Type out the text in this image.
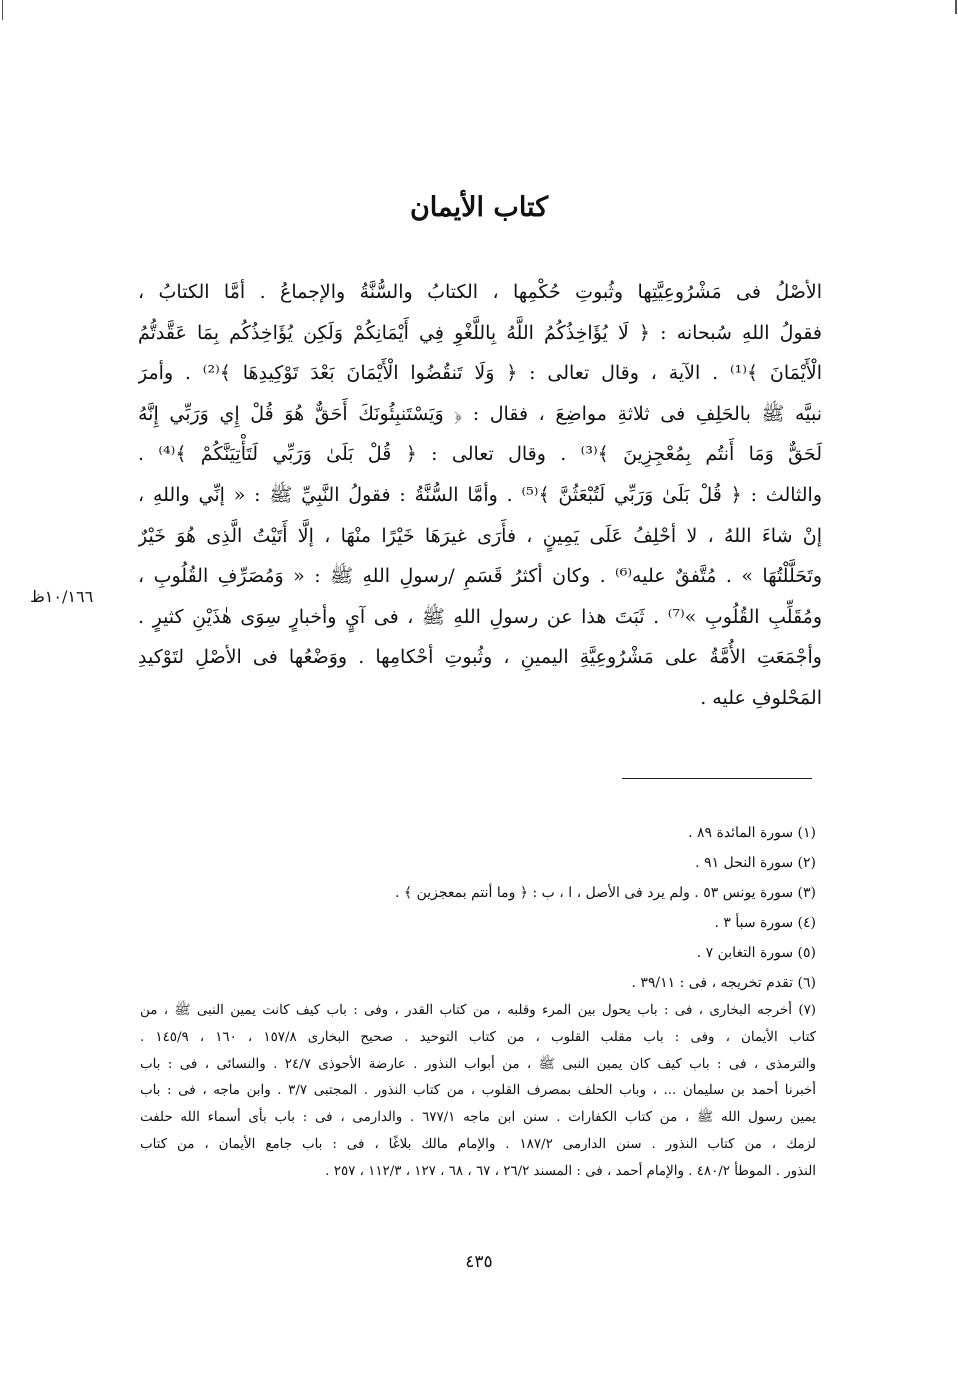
كتاب الأيمان
الأصْلُ فى مَشْرُوعِيَّتِها وثُبوتِ حُكْمِها ، الكتابُ والسُّنَّةُ والإجماعُ . أمَّا الكتابُ ،
فقولُ اللهِ سُبحانه : ﴿ لَا يُؤَاخِذُكُمُ اللَّهُ بِاللَّغْوِ فِي أَيْمَانِكُمْ وَلَكِن يُؤَاخِذُكُم بِمَا عَقَّدتُّمُ
الْأَيْمَانَ ﴾⁽¹⁾ . الآية ، وقال تعالى : ﴿ وَلَا تَنقُضُوا الْأَيْمَانَ بَعْدَ تَوْكِيدِهَا ﴾⁽²⁾ . وأمرَ
نبيَّه ﷺ بالحَلِفِ فى ثلاثةِ مواضِعَ ، فقال : ﴿ وَيَسْتَنبِئُونَكَ أَحَقٌّ هُوَ قُلْ إِي وَرَبِّي إِنَّهُ
لَحَقٌّ وَمَا أَنتُم بِمُعْجِزِينَ ﴾⁽³⁾ . وقال تعالى : ﴿ قُلْ بَلَىٰ وَرَبِّي لَتَأْتِيَنَّكُمْ ﴾⁽⁴⁾ .
والثالث : ﴿ قُلْ بَلَىٰ وَرَبِّي لَتُبْعَثُنَّ ﴾⁽⁵⁾ . وأمَّا السُّنَّةُ : فقولُ النَّبِيِّ ﷺ : « إنِّي واللهِ ،
إنْ شاءَ اللهُ ، لا أحْلِفُ عَلَى يَمِينٍ ، فأَرَى غيرَهَا خَيْرًا منْهَا ، إلَّا أَتَيْتُ الَّذِى هُوَ خَيْرٌ
وتَحَلَّلْتُهَا » . مُتَّفقٌ عليه⁽⁶⁾ . وكان أكثرُ قَسَمِ /رسولِ اللهِ ﷺ : « وَمُصَرِّفِ القُلُوبِ ،
ومُقَلِّبِ القُلُوبِ »⁽⁷⁾ . ثَبَتَ هذا عن رسولِ اللهِ ﷺ ، فى آيٍ وأخبارٍ سِوَى هٰذَيْنِ كثيرٍ .
وأجْمَعَتِ الأُمَّةُ على مَشْرُوعِيَّةِ اليمينِ ، وثُبوتِ أحْكامِها . ووَضْعُها فى الأصْلِ لتَوْكيدِ
المَحْلوفِ عليه .
١٠/١٦٦ظ
(١) سورة المائدة ٨٩ .
(٢) سورة النحل ٩١ .
(٣) سورة يونس ٥٣ . ولم يرد فى الأصل ، ا ، ب : ﴿ وما أنتم بمعجزين ﴾ .
(٤) سورة سبأ ٣ .
(٥) سورة التغابن ٧ .
(٦) تقدم تخريجه ، فى : ٣٩/١١ .
(٧) أخرجه البخارى ، فى : باب يحول بين المرء وقلبه ، من كتاب القدر ، وفى : باب كيف كانت يمين النبى ﷺ ، من
كتاب الأيمان ، وفى : باب مقلب القلوب ، من كتاب التوحيد . صحيح البخارى ١٥٧/٨ ، ١٦٠ ، ١٤٥/٩ .
والترمذى ، فى : باب كيف كان يمين النبى ﷺ ، من أبواب النذور . عارضة الأحوذى ٢٤/٧ . والنسائى ، فى : باب
أخبرنا أحمد بن سليمان ... ، وباب الحلف بمصرف القلوب ، من كتاب النذور . المجتبى ٣/٧ . وابن ماجه ، فى : باب
يمين رسول الله ﷺ ، من كتاب الكفارات . سنن ابن ماجه ٦٧٧/١ . والدارمى ، فى : باب بأى أسماء الله حلفت
لزمك ، من كتاب النذور . سنن الدارمى ١٨٧/٢ . والإمام مالك بلاغًا ، فى : باب جامع الأيمان ، من كتاب
النذور . الموطأ ٤٨٠/٢ . والإمام أحمد ، فى : المسند ٢٦/٢ ، ٦٧ ، ٦٨ ، ١٢٧ ، ١١٢/٣ ، ٢٥٧ .
٤٣٥
